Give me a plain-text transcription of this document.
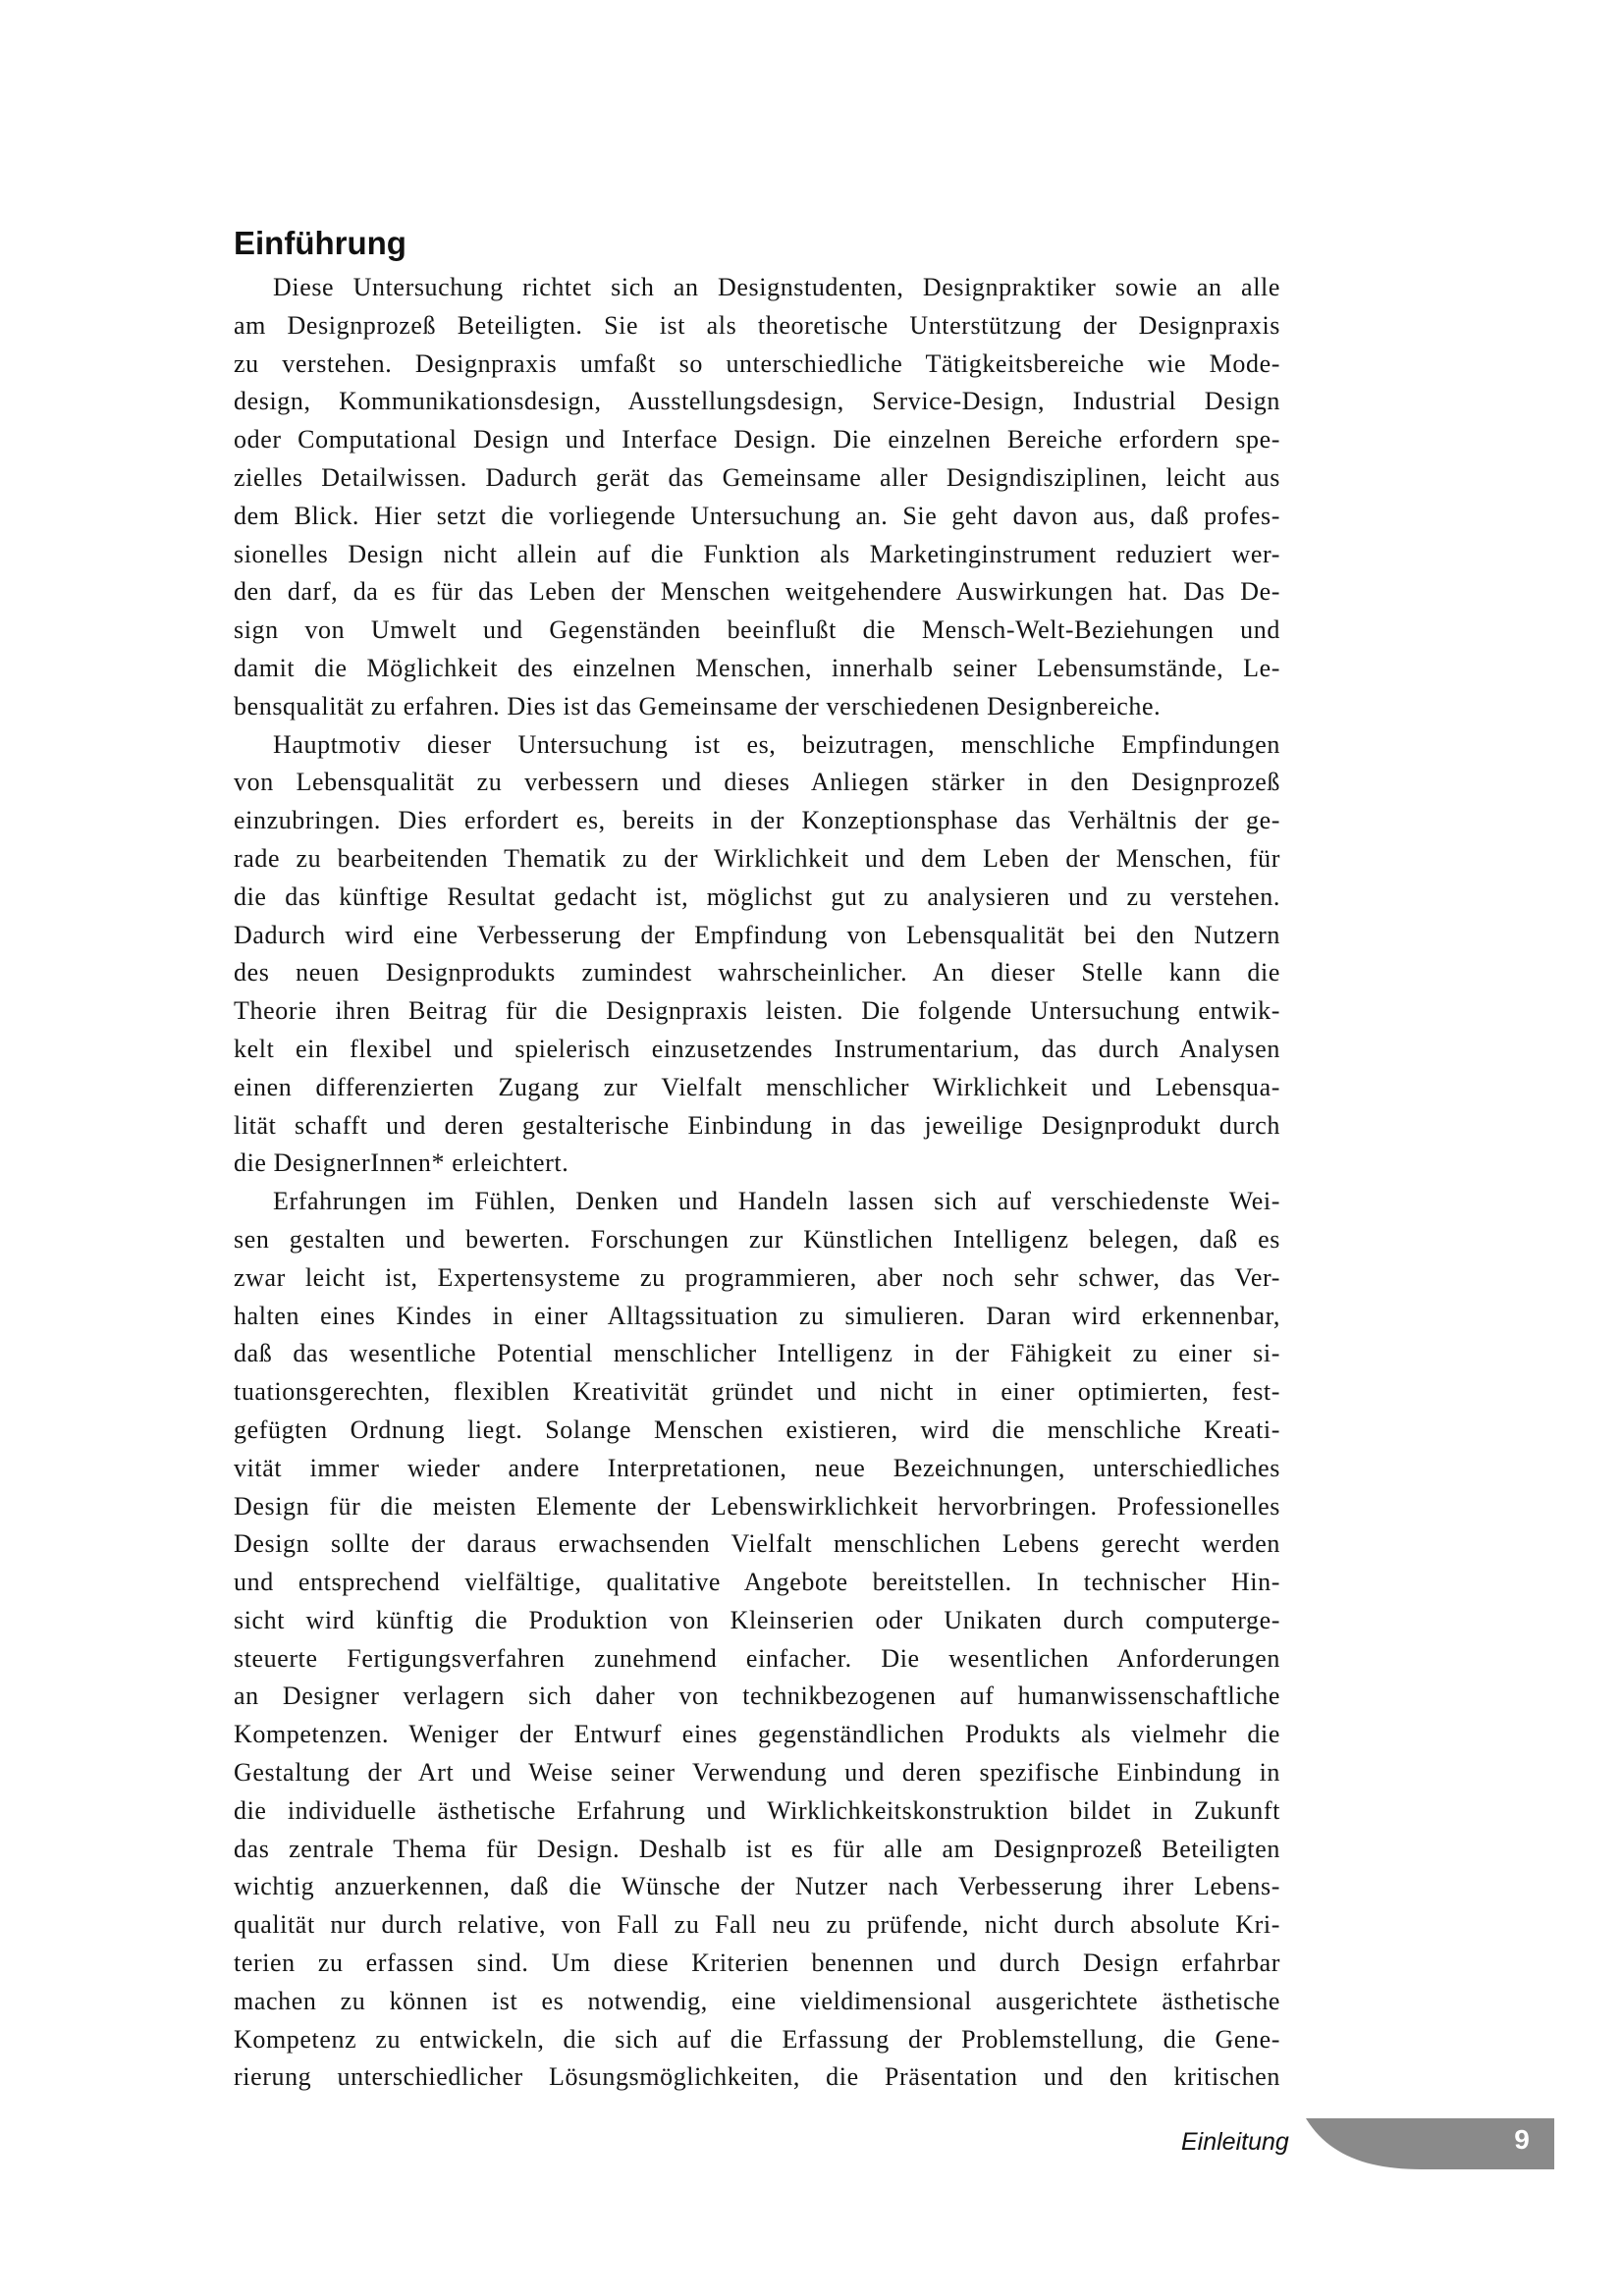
Einführung
Diese Untersuchung richtet sich an Designstudenten, Designpraktiker sowie an alle
am Designprozeß Beteiligten. Sie ist als theoretische Unterstützung der Designpraxis
zu verstehen. Designpraxis umfaßt so unterschiedliche Tätigkeitsbereiche wie Mode-
design, Kommunikationsdesign, Ausstellungsdesign, Service-Design, Industrial Design
oder Computational Design und Interface Design. Die einzelnen Bereiche erfordern spe-
zielles Detailwissen. Dadurch gerät das Gemeinsame aller Designdisziplinen, leicht aus
dem Blick. Hier setzt die vorliegende Untersuchung an. Sie geht davon aus, daß profes-
sionelles Design nicht allein auf die Funktion als Marketinginstrument reduziert wer-
den darf, da es für das Leben der Menschen weitgehendere Auswirkungen hat. Das De-
sign von Umwelt und Gegenständen beeinflußt die Mensch-Welt-Beziehungen und
damit die Möglichkeit des einzelnen Menschen, innerhalb seiner Lebensumstände, Le-
bensqualität zu erfahren. Dies ist das Gemeinsame der verschiedenen Designbereiche.
Hauptmotiv dieser Untersuchung ist es, beizutragen, menschliche Empfindungen
von Lebensqualität zu verbessern und dieses Anliegen stärker in den Designprozeß
einzubringen. Dies erfordert es, bereits in der Konzeptionsphase das Verhältnis der ge-
rade zu bearbeitenden Thematik zu der Wirklichkeit und dem Leben der Menschen, für
die das künftige Resultat gedacht ist, möglichst gut zu analysieren und zu verstehen.
Dadurch wird eine Verbesserung der Empfindung von Lebensqualität bei den Nutzern
des neuen Designprodukts zumindest wahrscheinlicher. An dieser Stelle kann die
Theorie ihren Beitrag für die Designpraxis leisten. Die folgende Untersuchung entwik-
kelt ein flexibel und spielerisch einzusetzendes Instrumentarium, das durch Analysen
einen differenzierten Zugang zur Vielfalt menschlicher Wirklichkeit und Lebensqua-
lität schafft und deren gestalterische Einbindung in das jeweilige Designprodukt durch
die DesignerInnen* erleichtert.
Erfahrungen im Fühlen, Denken und Handeln lassen sich auf verschiedenste Wei-
sen gestalten und bewerten. Forschungen zur Künstlichen Intelligenz belegen, daß es
zwar leicht ist, Expertensysteme zu programmieren, aber noch sehr schwer, das Ver-
halten eines Kindes in einer Alltagssituation zu simulieren. Daran wird erkennenbar,
daß das wesentliche Potential menschlicher Intelligenz in der Fähigkeit zu einer si-
tuationsgerechten, flexiblen Kreativität gründet und nicht in einer optimierten, fest-
gefügten Ordnung liegt. Solange Menschen existieren, wird die menschliche Kreati-
vität immer wieder andere Interpretationen, neue Bezeichnungen, unterschiedliches
Design für die meisten Elemente der Lebenswirklichkeit hervorbringen. Professionelles
Design sollte der daraus erwachsenden Vielfalt menschlichen Lebens gerecht werden
und entsprechend vielfältige, qualitative Angebote bereitstellen. In technischer Hin-
sicht wird künftig die Produktion von Kleinserien oder Unikaten durch computerge-
steuerte Fertigungsverfahren zunehmend einfacher. Die wesentlichen Anforderungen
an Designer verlagern sich daher von technikbezogenen auf humanwissenschaftliche
Kompetenzen. Weniger der Entwurf eines gegenständlichen Produkts als vielmehr die
Gestaltung der Art und Weise seiner Verwendung und deren spezifische Einbindung in
die individuelle ästhetische Erfahrung und Wirklichkeitskonstruktion bildet in Zukunft
das zentrale Thema für Design. Deshalb ist es für alle am Designprozeß Beteiligten
wichtig anzuerkennen, daß die Wünsche der Nutzer nach Verbesserung ihrer Lebens-
qualität nur durch relative, von Fall zu Fall neu zu prüfende, nicht durch absolute Kri-
terien zu erfassen sind. Um diese Kriterien benennen und durch Design erfahrbar
machen zu können ist es notwendig, eine vieldimensional ausgerichtete ästhetische
Kompetenz zu entwickeln, die sich auf die Erfassung der Problemstellung, die Gene-
rierung unterschiedlicher Lösungsmöglichkeiten, die Präsentation und den kritischen
Einleitung	9
